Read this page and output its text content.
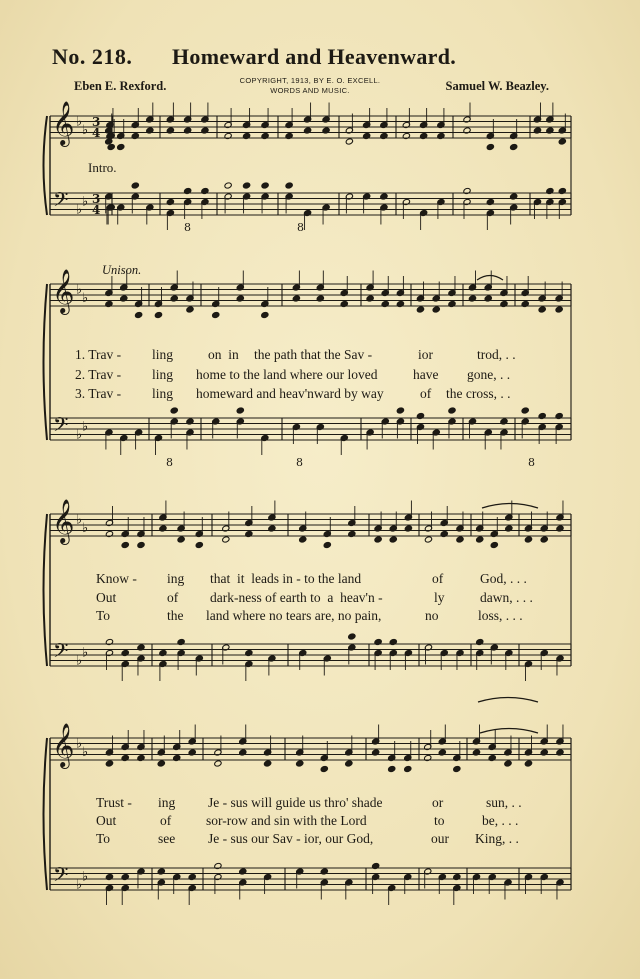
No. 218. Homeward and Heavenward.
Eben E. Rexford.	COPYRIGHT, 1913, BY E. O. EXCELL.
WORDS AND MUSIC.	Samuel W. Beazley.
𝄞
𝄢
♭
♭
♭
♭
3
4
3
4
𝄞
𝄢
♭
♭
♭
♭
𝄞
𝄢
♭
♭
♭
♭
𝄞
𝄢
♭
♭
♭
♭
8	8
8	8	8
Intro.
Unison.
1. Trav - ling	on  in the path that the Sav -	ior	trod, . .
2. Trav - ling home to the land where our loved	have gone, . .
3. Trav - ling homeward and heav'nward by way	of the cross, . .
Know - ing that  it  leads in - to the land	of	God, . . .
Out	of dark-ness of earth to  a  heav'n -	ly	dawn, . . .
To	the land where no tears are, no pain,	no	loss, . . .
Trust - ing Je - sus will guide us thro' shade	or	sun, . .
Out	of	sor-row and sin with the Lord	to	be, . . .
To	see Je - sus our Sav - ior, our God,	our King, . .
